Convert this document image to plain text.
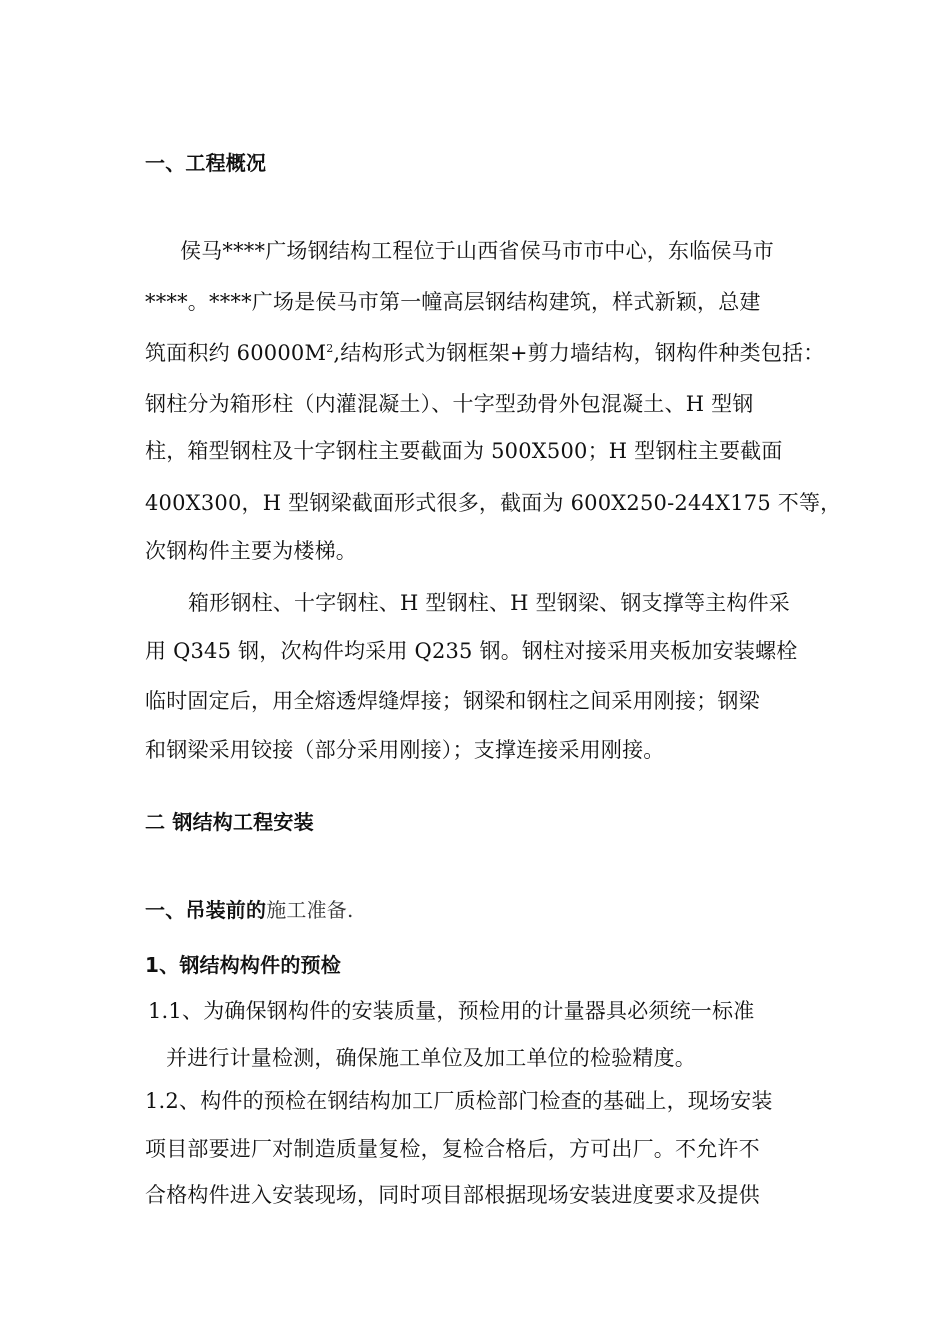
一、工程概况
侯马****广场钢结构工程位于山西省侯马市市中心，东临侯马市
****。****广场是侯马市第一幢高层钢结构建筑，样式新颖，总建
筑面积约 $60000M^2$,结构形式为钢框架+剪力墙结构，钢构件种类包括：
钢柱分为箱形柱（内灌混凝土）、十字型劲骨外包混凝土、H 型钢
柱，箱型钢柱及十字钢柱主要截面为 500X500；H 型钢柱主要截面
400X300，H 型钢梁截面形式很多，截面为 600X250-244X175 不等，
次钢构件主要为楼梯。
箱形钢柱、十字钢柱、H 型钢柱、H 型钢梁、钢支撑等主构件采
用 Q345 钢，次构件均采用 Q235 钢。钢柱对接采用夹板加安装螺栓
临时固定后，用全熔透焊缝焊接；钢梁和钢柱之间采用刚接；钢梁
和钢梁采用铰接（部分采用刚接）；支撑连接采用刚接。
二 钢结构工程安装
一、吊装前的施工准备.
1、钢结构构件的预检
1.1、为确保钢构件的安装质量，预检用的计量器具必须统一标准
并进行计量检测，确保施工单位及加工单位的检验精度。
1.2、构件的预检在钢结构加工厂质检部门检查的基础上，现场安装
项目部要进厂对制造质量复检，复检合格后，方可出厂。不允许不
合格构件进入安装现场，同时项目部根据现场安装进度要求及提供
